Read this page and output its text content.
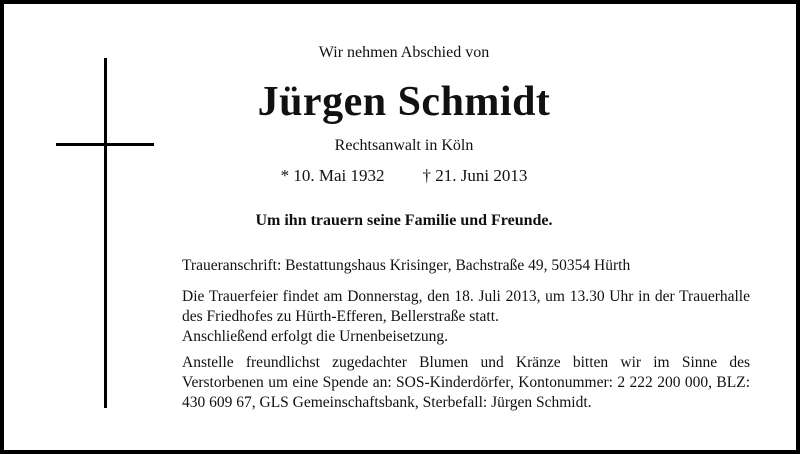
Wir nehmen Abschied von
Jürgen Schmidt
Rechtsanwalt in Köln
* 10. Mai 1932 † 21. Juni 2013
Um ihn trauern seine Familie und Freunde.

Traueranschrift: Bestattungshaus Krisinger, Bachstraße 49, 50354 Hürth

Die Trauerfeier findet am Donnerstag, den 18. Juli 2013, um 13.30 Uhr in der Trauerhalle des Friedhofes zu Hürth-Efferen, Bellerstraße statt.

Anschließend erfolgt die Urnenbeisetzung.

Anstelle freundlichst zugedachter Blumen und Kränze bitten wir im Sinne des Verstorbenen um eine Spende an: SOS-Kinderdörfer, Kontonummer: 2 222 200 000, BLZ: 430 609 67, GLS Gemeinschaftsbank, Sterbefall: Jürgen Schmidt.
